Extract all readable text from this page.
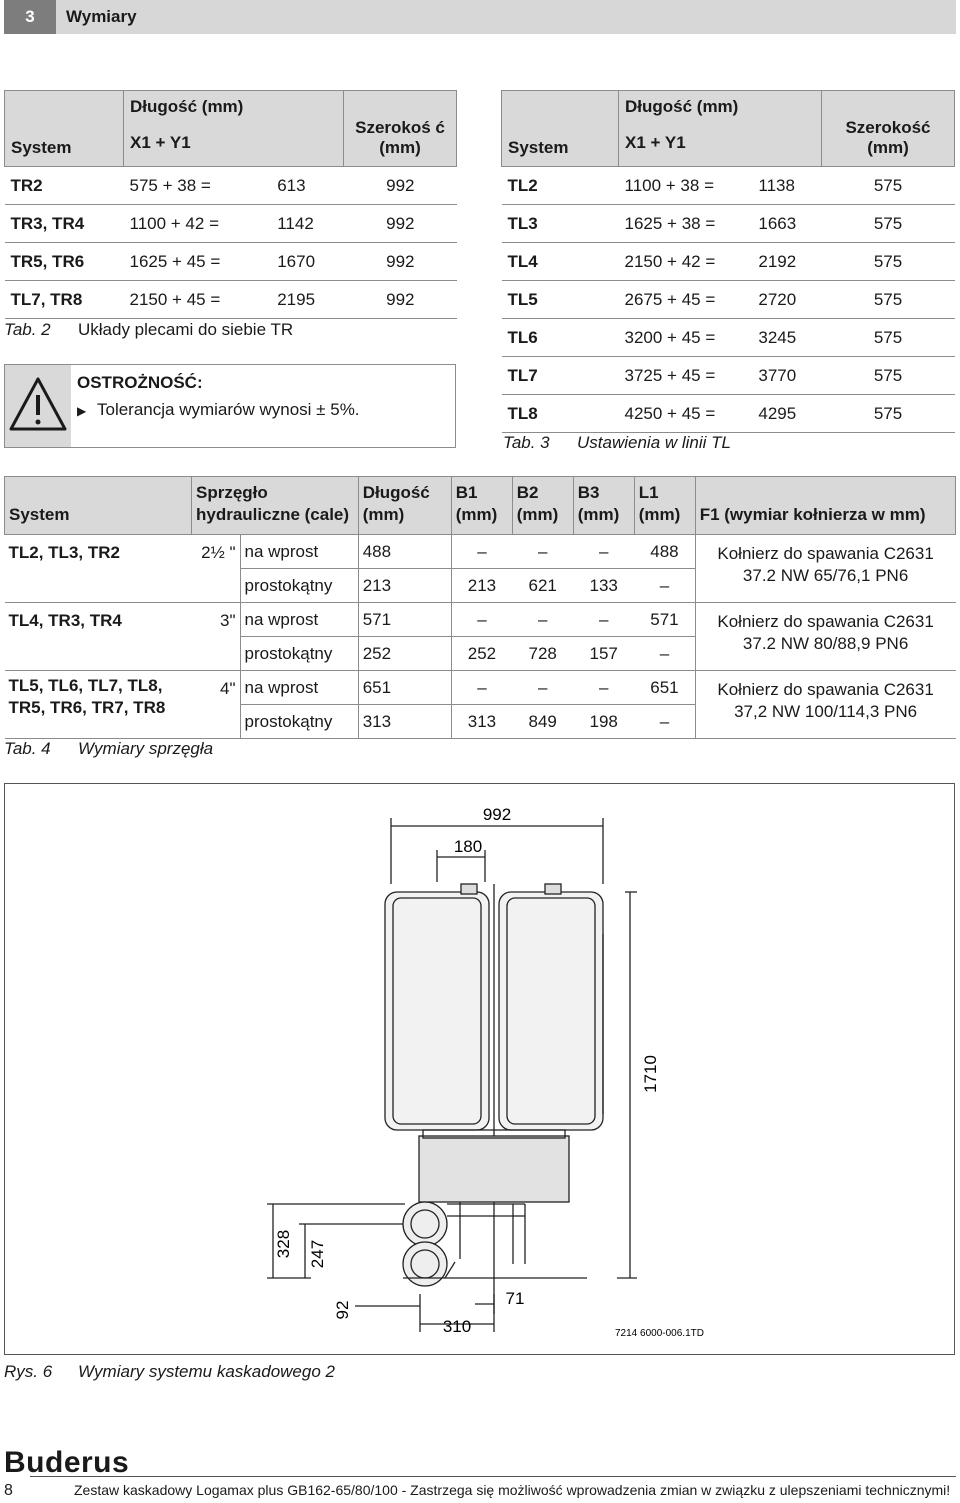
3	Wymiary
System	Długość (mm)
X1 + Y1		Szerokoś ć (mm)
TR2	575 + 38 =	613	992
TR3, TR4	1100 + 42 =	1142	992
TR5, TR6	1625 + 45 =	1670	992
TL7, TR8	2150 + 45 =	2195	992
Tab. 2 Układy plecami do siebie TR
OSTROŻNOŚĆ:
▶ Tolerancja wymiarów wynosi ± 5%.
System	Długość (mm)
X1 + Y1		Szerokość (mm)
TL2	1100 + 38 =	1138	575
TL3	1625 + 38 =	1663	575
TL4	2150 + 42 =	2192	575
TL5	2675 + 45 =	2720	575
TL6	3200 + 45 =	3245	575
TL7	3725 + 45 =	3770	575
TL8	4250 + 45 =	4295	575
Tab. 3 Ustawienia w linii TL
System	Sprzęgło hydrauliczne (cale)		Długość (mm)	B1 (mm)	B2 (mm)	B3 (mm)	L1 (mm)	F1 (wymiar kołnierza w mm)
TL2, TL3, TR2	2½ "	na wprost	488	–	–	–	488	Kołnierz do spawania C2631 37.2 NW 65/76,1 PN6
		prostokątny	213	213	621	133	–	
TL4, TR3, TR4	3"	na wprost	571	–	–	–	571	Kołnierz do spawania C2631 37.2 NW 80/88,9 PN6
		prostokątny	252	252	728	157	–	
TL5, TL6, TL7, TL8, TR5, TR6, TR7, TR8	4"	na wprost	651	–	–	–	651	Kołnierz do spawania C2631 37,2 NW 100/114,3 PN6
		prostokątny	313	313	849	198	–	
Tab. 4 Wymiary sprzęgła
992
180
1710
328 247
92
71
310	7214 6000-006.1TD
Rys. 6 Wymiary systemu kaskadowego 2
Buderus
8	Zestaw kaskadowy Logamax plus GB162-65/80/100 - Zastrzega się możliwość wprowadzenia zmian w związku z ulepszeniami technicznymi!
